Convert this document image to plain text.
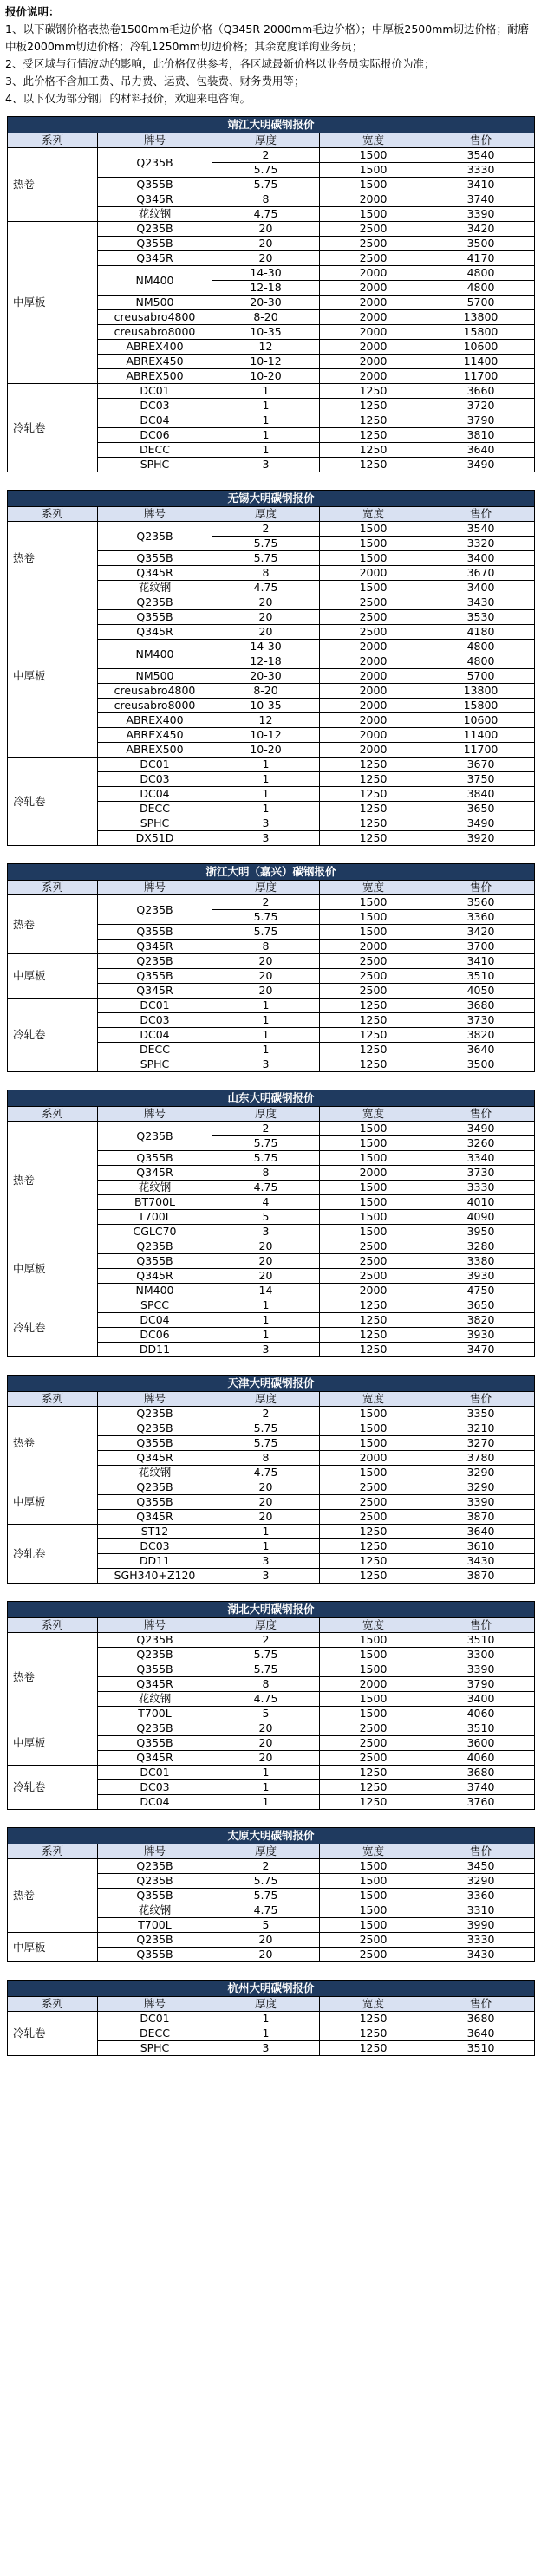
报价说明：
1、以下碳钢价格表热卷1500mm毛边价格（Q345R 2000mm毛边价格）；中厚板2500mm切边价格；耐磨中板2000mm切边价格；冷轧1250mm切边价格；其余宽度详询业务员；
2、受区域与行情波动的影响，此价格仅供参考，各区域最新价格以业务员实际报价为准；
3、此价格不含加工费、吊力费、运费、包装费、财务费用等；
4、以下仅为部分钢厂的材料报价，欢迎来电咨询。
靖江大明碳钢报价				
系列	牌号	厚度	宽度	售价
热卷	Q235B	2	1500	3540
		5.75	1500	3330
	Q355B	5.75	1500	3410
	Q345R	8	2000	3740
	花纹钢	4.75	1500	3390
中厚板	Q235B	20	2500	3420
	Q355B	20	2500	3500
	Q345R	20	2500	4170
	NM400	14-30	2000	4800
		12-18	2000	4800
	NM500	20-30	2000	5700
	creusabro4800	8-20	2000	13800
	creusabro8000	10-35	2000	15800
	ABREX400	12	2000	10600
	ABREX450	10-12	2000	11400
	ABREX500	10-20	2000	11700
冷轧卷	DC01	1	1250	3660
	DC03	1	1250	3720
	DC04	1	1250	3790
	DC06	1	1250	3810
	DECC	1	1250	3640
	SPHC	3	1250	3490
无锡大明碳钢报价				
系列	牌号	厚度	宽度	售价
热卷	Q235B	2	1500	3540
		5.75	1500	3320
	Q355B	5.75	1500	3400
	Q345R	8	2000	3670
	花纹钢	4.75	1500	3400
中厚板	Q235B	20	2500	3430
	Q355B	20	2500	3530
	Q345R	20	2500	4180
	NM400	14-30	2000	4800
		12-18	2000	4800
	NM500	20-30	2000	5700
	creusabro4800	8-20	2000	13800
	creusabro8000	10-35	2000	15800
	ABREX400	12	2000	10600
	ABREX450	10-12	2000	11400
	ABREX500	10-20	2000	11700
冷轧卷	DC01	1	1250	3670
	DC03	1	1250	3750
	DC04	1	1250	3840
	DECC	1	1250	3650
	SPHC	3	1250	3490
	DX51D	3	1250	3920
浙江大明（嘉兴）碳钢报价				
系列	牌号	厚度	宽度	售价
热卷	Q235B	2	1500	3560
		5.75	1500	3360
	Q355B	5.75	1500	3420
	Q345R	8	2000	3700
中厚板	Q235B	20	2500	3410
	Q355B	20	2500	3510
	Q345R	20	2500	4050
冷轧卷	DC01	1	1250	3680
	DC03	1	1250	3730
	DC04	1	1250	3820
	DECC	1	1250	3640
	SPHC	3	1250	3500
山东大明碳钢报价				
系列	牌号	厚度	宽度	售价
热卷	Q235B	2	1500	3490
		5.75	1500	3260
	Q355B	5.75	1500	3340
	Q345R	8	2000	3730
	花纹钢	4.75	1500	3330
	BT700L	4	1500	4010
	T700L	5	1500	4090
	CGLC70	3	1500	3950
中厚板	Q235B	20	2500	3280
	Q355B	20	2500	3380
	Q345R	20	2500	3930
	NM400	14	2000	4750
冷轧卷	SPCC	1	1250	3650
	DC04	1	1250	3820
	DC06	1	1250	3930
	DD11	3	1250	3470
天津大明碳钢报价				
系列	牌号	厚度	宽度	售价
热卷	Q235B	2	1500	3350
	Q235B	5.75	1500	3210
	Q355B	5.75	1500	3270
	Q345R	8	2000	3780
	花纹钢	4.75	1500	3290
中厚板	Q235B	20	2500	3290
	Q355B	20	2500	3390
	Q345R	20	2500	3870
冷轧卷	ST12	1	1250	3640
	DC03	1	1250	3610
	DD11	3	1250	3430
	SGH340+Z120	3	1250	3870
湖北大明碳钢报价				
系列	牌号	厚度	宽度	售价
热卷	Q235B	2	1500	3510
	Q235B	5.75	1500	3300
	Q355B	5.75	1500	3390
	Q345R	8	2000	3790
	花纹钢	4.75	1500	3400
	T700L	5	1500	4060
中厚板	Q235B	20	2500	3510
	Q355B	20	2500	3600
	Q345R	20	2500	4060
冷轧卷	DC01	1	1250	3680
	DC03	1	1250	3740
	DC04	1	1250	3760
太原大明碳钢报价				
系列	牌号	厚度	宽度	售价
热卷	Q235B	2	1500	3450
	Q235B	5.75	1500	3290
	Q355B	5.75	1500	3360
	花纹钢	4.75	1500	3310
	T700L	5	1500	3990
中厚板	Q235B	20	2500	3330
	Q355B	20	2500	3430
杭州大明碳钢报价				
系列	牌号	厚度	宽度	售价
冷轧卷	DC01	1	1250	3680
	DECC	1	1250	3640
	SPHC	3	1250	3510
